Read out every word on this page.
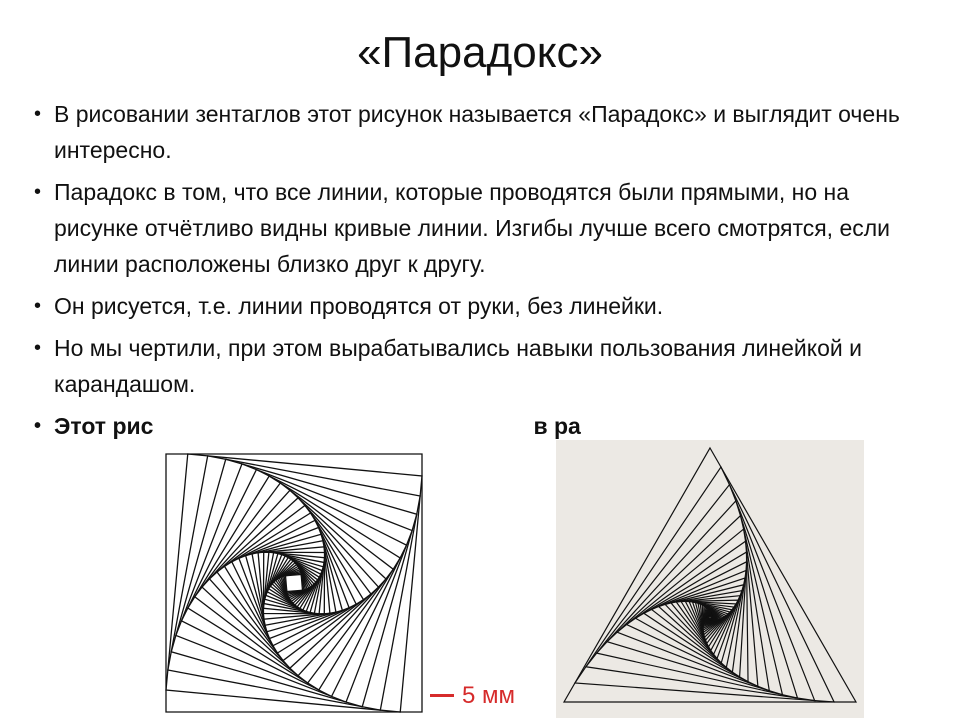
«Парадокс»
• В рисовании зентаглов этот рисунок называется «Парадокс» и выглядит очень интересно.
• Парадокс в том, что все линии, которые проводятся были прямыми, но на рисунке отчётливо видны кривые линии. Изгибы лучше всего смотрятся, если линии расположены близко друг к другу.
• Он рисуется, т.е. линии проводятся от руки, без линейки.
• Но мы чертили, при этом вырабатывались навыки пользования линейкой и карандашом.
• Этот рис	в ра
5 мм
